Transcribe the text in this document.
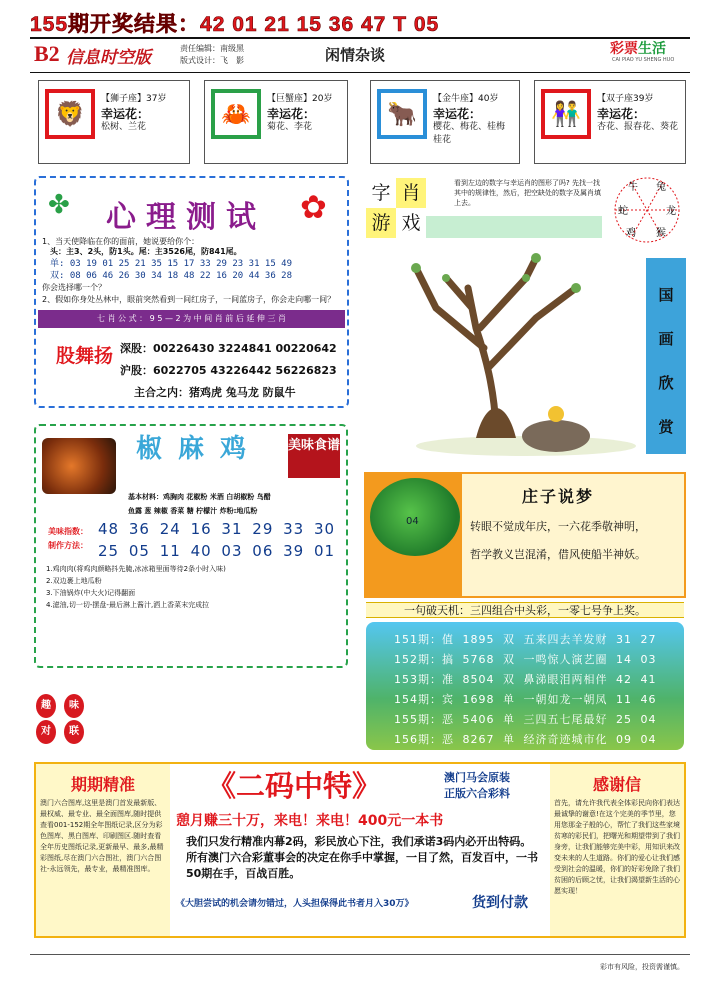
155期开奖结果：42 01 21 15 36 47 T 05
B2 信息时空版	责任编辑：南级黑
版式设计：飞　影	闲情杂谈	彩票生活
CAI PIAO YU SHENG HUO
🦁
【狮子座】37岁
幸运花：
松树、兰花	🦀
【巨蟹座】20岁
幸运花：
菊花、李花	🐂
【金牛座】40岁
幸运花：
樱花、梅花、桂梅桂花
👫
【双子座39岁
幸运花：
杏花、报春花、葵花
✤	✿
心理测试
1、当天使降临在你的面前，她说要给你个：
　头：主3、2头，防1头。尾：主3526尾，防841尾。
单: 03 19 01 25 21 35 15 17 33 29 23 31 15 49
双: 08 06 46 26 30 34 18 48 22 16 20 44 36 28
你会选择哪一个？
2、假如你身处丛林中，眼前突然看到一间红房子，一间蓝房子，你会走向哪一间？
七 肖 公 式 ： 9 5 — 2 为 中 间 肖 前 后 延 伸 三 肖
股舞扬 深股：00226430 3224841 00220642
沪股：6022705 43226442 56226823
主合之内：猪鸡虎 兔马龙 防鼠牛
椒麻鸡 美味食谱
基本材料：鸡胸肉 花椒粉 米酒 白胡椒粉 鸟醋
鱼露 葱 辣椒 香菜 糖 柠檬汁 炸粉:地瓜粉
美味指数：
制作方法：
48 36 24 16 31 29 33 30
25 05 11 40 03 06 39 01
1.鸡肉肉(将鸡肉颜略抖先腌,冰冰箱里面等待2条小时入味)
2.双边裹上地瓜粉
3.下油锅炸(中大火)记得翻面
4.滤油,切一切-摆盘-最后淋上酱汁,洒上香菜末完成拉
趣	味
对	联
字 肖
游 戏
看到左边的数字与幸运肖的图形了吗? 先找一找其中的规律性，然后，把空缺处的数字及属肖填上去。
牛 兔
龙
猴
鸡
蛇
国
画
欣
赏
04
庄子说梦
转眼不觉成年庆，一六花季敬神明，
哲学教义岂混淆，借风使船半神妖。
一句破天机：三四组合中头彩，一零七号争上奖。
151期：值 1895 双 五来四去羊发财 31 27
152期：搞 5768 双 一鸣惊人演艺圈 14 03
153期：准 8504 双 鼻涕眼泪两相伴 42 41
154期：宾 1698 单 一朝如龙一朝凤 11 46
155期：恶 5406 单 三四五七尾最好 25 04
156期：恶 8267 单 经济奇迹城市化 09 04
期期精准
澳门六合图库,这里是澳门首发最新版、最权威、最专业、最全面图库,随时提供查看001-152期全年图纸记录,区分为彩色图库、黑白图库、印刷图区.随时查看全年历史图纸记录,更新最早、最多,最精彩图纸,尽在澳门六合图社，澳门六合图社-永远领先，最专业，最精准图库。
《二码中特》	澳门马会原装
正版六合彩料
憩月赚三十万，来电！来电！400元一本书
我们只发行精准内幕2码，彩民放心下注，我们承诺3码内必开出特码。所有澳门六合彩董事会的决定在你手中掌握，一目了然，百发百中，一书50期在手，百战百胜。
《大胆尝试的机会请勿错过，人头担保得此书者月入30万》	货到付款
感谢信
首先，请允许我代表全体彩民向你们表达最诚挚的谢意!在这个完美的季节里，您用您那金子般的心，帮忙了我们这些家境贫寒的彩民们，把曙光和期望带到了我们身旁，让我们能够完美中彩，用知识来改变未来的人生道路。你们的爱心让我们感受到社会的温暖，你们的好彩免除了我们贫困的后顾之忧，让我们渴望新生活的心愿实现！
彩市有风险，投资需谨慎。
